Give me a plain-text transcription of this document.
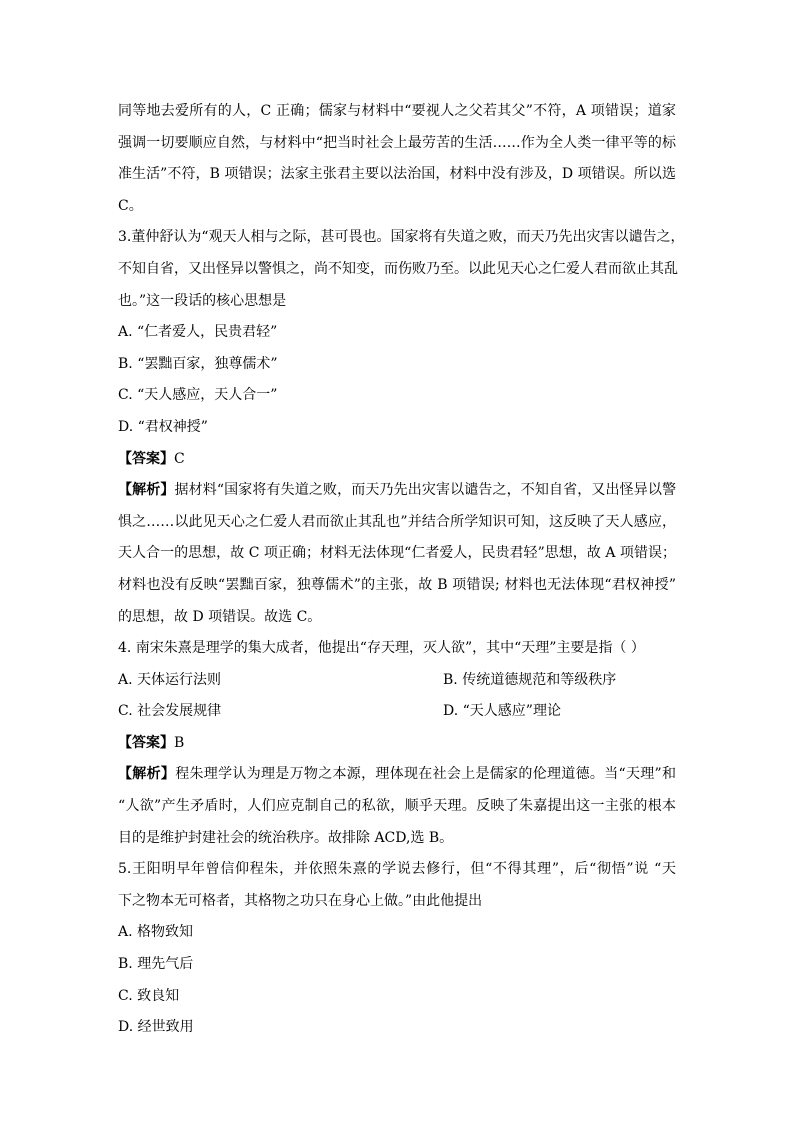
同等地去爱所有的人，C 正确；儒家与材料中“要视人之父若其父”不符，A 项错误；道家
强调一切要顺应自然，与材料中“把当时社会上最劳苦的生活……作为全人类一律平等的标
准生活”不符，B 项错误；法家主张君主要以法治国，材料中没有涉及，D 项错误。所以选
C。
3.董仲舒认为“观天人相与之际，甚可畏也。国家将有失道之败，而天乃先出灾害以谴告之，
不知自省，又出怪异以警惧之，尚不知变，而伤败乃至。以此见天心之仁爱人君而欲止其乱
也。”这一段话的核心思想是
A. “仁者爱人，民贵君轻”
B. “罢黜百家，独尊儒术”
C. “天人感应，天人合一”
D. “君权神授”
【答案】C
【解析】据材料“国家将有失道之败，而天乃先出灾害以谴告之，不知自省，又出怪异以警
惧之……以此见天心之仁爱人君而欲止其乱也”并结合所学知识可知，这反映了天人感应，
天人合一的思想，故 C 项正确；材料无法体现“仁者爱人，民贵君轻”思想，故 A 项错误；
材料也没有反映“罢黜百家，独尊儒术”的主张，故 B 项错误; 材料也无法体现“君权神授”
的思想，故 D 项错误。故选 C。
4. 南宋朱熹是理学的集大成者，他提出“存天理，灭人欲”，其中“天理”主要是指（ ）
A. 天体运行法则	B. 传统道德规范和等级秩序
C. 社会发展规律	D. “天人感应”理论
【答案】B
【解析】程朱理学认为理是万物之本源，理体现在社会上是儒家的伦理道德。当“天理”和
“人欲”产生矛盾时，人们应克制自己的私欲，顺乎天理。反映了朱嘉提出这一主张的根本
目的是维护封建社会的统治秩序。故排除 ACD,选 B。
5.王阳明早年曾信仰程朱，并依照朱熹的学说去修行，但“不得其理”，后“彻悟”说 “天
下之物本无可格者，其格物之功只在身心上做。”由此他提出
A. 格物致知
B. 理先气后
C. 致良知
D. 经世致用
